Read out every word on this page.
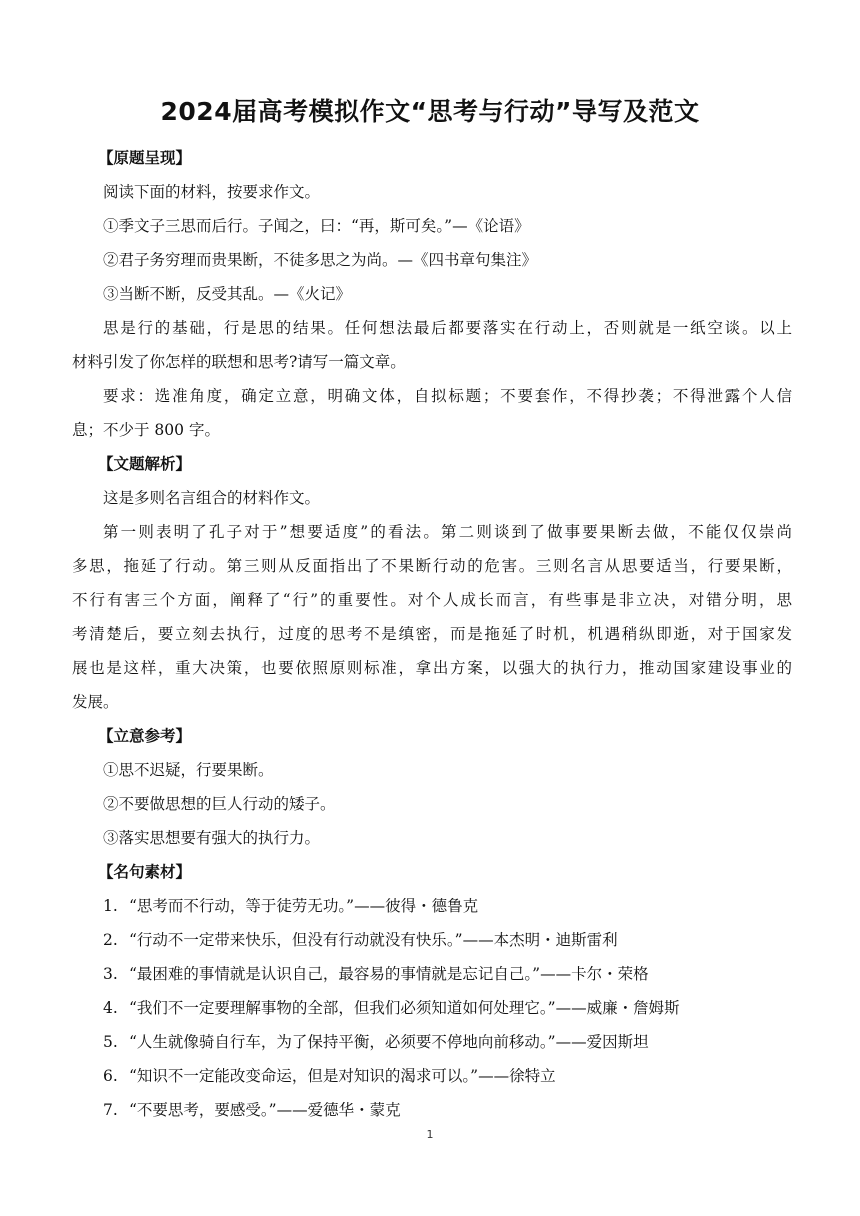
2024届高考模拟作文“思考与行动”导写及范文
【原题呈现】
阅读下面的材料，按要求作文。
①季文子三思而后行。子闻之，曰：“再，斯可矣。”—《论语》
②君子务穷理而贵果断，不徒多思之为尚。—《四书章句集注》
③当断不断，反受其乱。—《火记》
思是行的基础，行是思的结果。任何想法最后都要落实在行动上，否则就是一纸空谈。以上
材料引发了你怎样的联想和思考?请写一篇文章。
要求：选准角度，确定立意，明确文体，自拟标题；不要套作，不得抄袭；不得泄露个人信
息；不少于 800 字。
【文题解析】
这是多则名言组合的材料作文。
第一则表明了孔子对于”想要适度”的看法。第二则谈到了做事要果断去做，不能仅仅崇尚
多思，拖延了行动。第三则从反面指出了不果断行动的危害。三则名言从思要适当，行要果断，
不行有害三个方面，阐释了“行”的重要性。对个人成长而言，有些事是非立决，对错分明，思
考清楚后，要立刻去执行，过度的思考不是缜密，而是拖延了时机，机遇稍纵即逝，对于国家发
展也是这样，重大决策，也要依照原则标准，拿出方案，以强大的执行力，推动国家建设事业的
发展。
【立意参考】
①思不迟疑，行要果断。
②不要做思想的巨人行动的矮子。
③落实思想要有强大的执行力。
【名句素材】
1. “思考而不行动，等于徒劳无功。”——彼得・德鲁克
2. “行动不一定带来快乐，但没有行动就没有快乐。”——本杰明・迪斯雷利
3. “最困难的事情就是认识自己，最容易的事情就是忘记自己。”——卡尔・荣格
4. “我们不一定要理解事物的全部，但我们必须知道如何处理它。”——威廉・詹姆斯
5. “人生就像骑自行车，为了保持平衡，必须要不停地向前移动。”——爱因斯坦
6. “知识不一定能改变命运，但是对知识的渴求可以。”——徐特立
7. “不要思考，要感受。”——爱德华・蒙克
1
